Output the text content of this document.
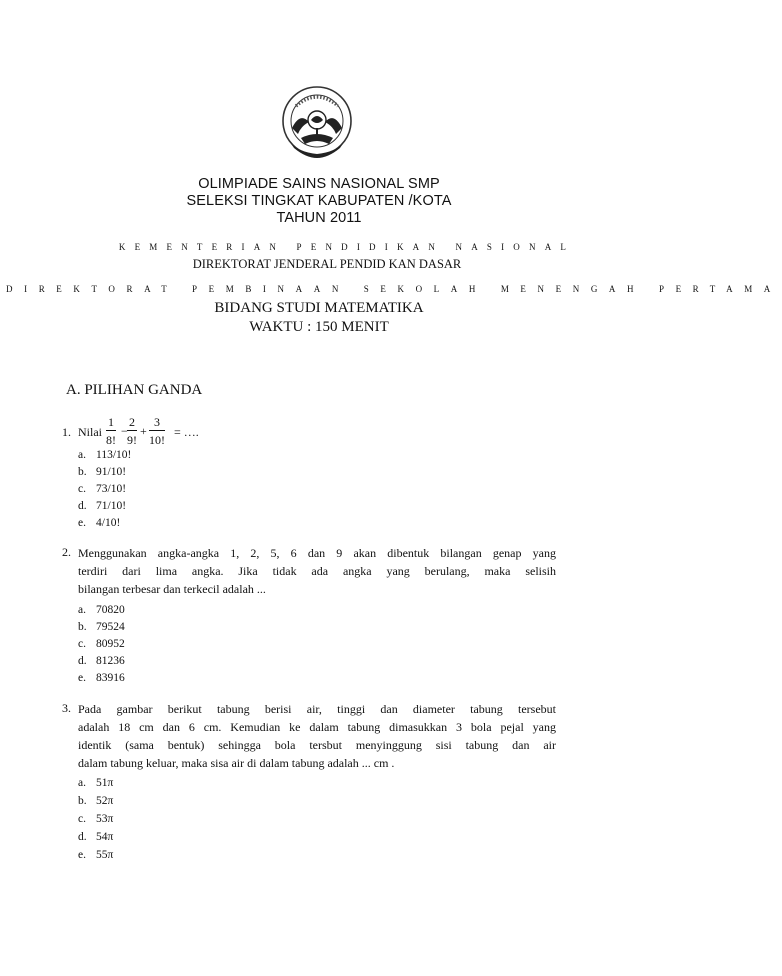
OLIMPIADE SAINS NASIONAL SMP
SELEKSI TINGKAT KABUPATEN /KOTA
TAHUN 2011
KEMENTERIAN PENDIDIKAN NASIONAL
DIREKTORAT JENDERAL PENDID KAN DASAR
DIREKTORAT PEMBINAAN SEKOLAH MENENGAH PERTAMA
BIDANG STUDI MATEMATIKA
WAKTU : 150 MENIT
A. PILIHAN GANDA
1. Nilai $\frac{1}{8!} - \frac{2}{9!} + \frac{3}{10!}$ = ….
a. 113/10!
b. 91/10!
c. 73/10!
d. 71/10!
e. 4/10!
2. Menggunakan angka-angka 1, 2, 5, 6 dan 9 akan dibentuk bilangan genap yang
terdiri dari lima angka. Jika tidak ada angka yang berulang, maka selisih
bilangan terbesar dan terkecil adalah ...
a. 70820
b. 79524
c. 80952
d. 81236
e. 83916
3. Pada gambar berikut tabung berisi air, tinggi dan diameter tabung tersebut
adalah 18 cm dan 6 cm. Kemudian ke dalam tabung dimasukkan 3 bola pejal yang
identik (sama bentuk) sehingga bola tersbut menyinggung sisi tabung dan air
dalam tabung keluar, maka sisa air di dalam tabung adalah ... cm .
a. 51π
b. 52π
c. 53π
d. 54π
e. 55π
